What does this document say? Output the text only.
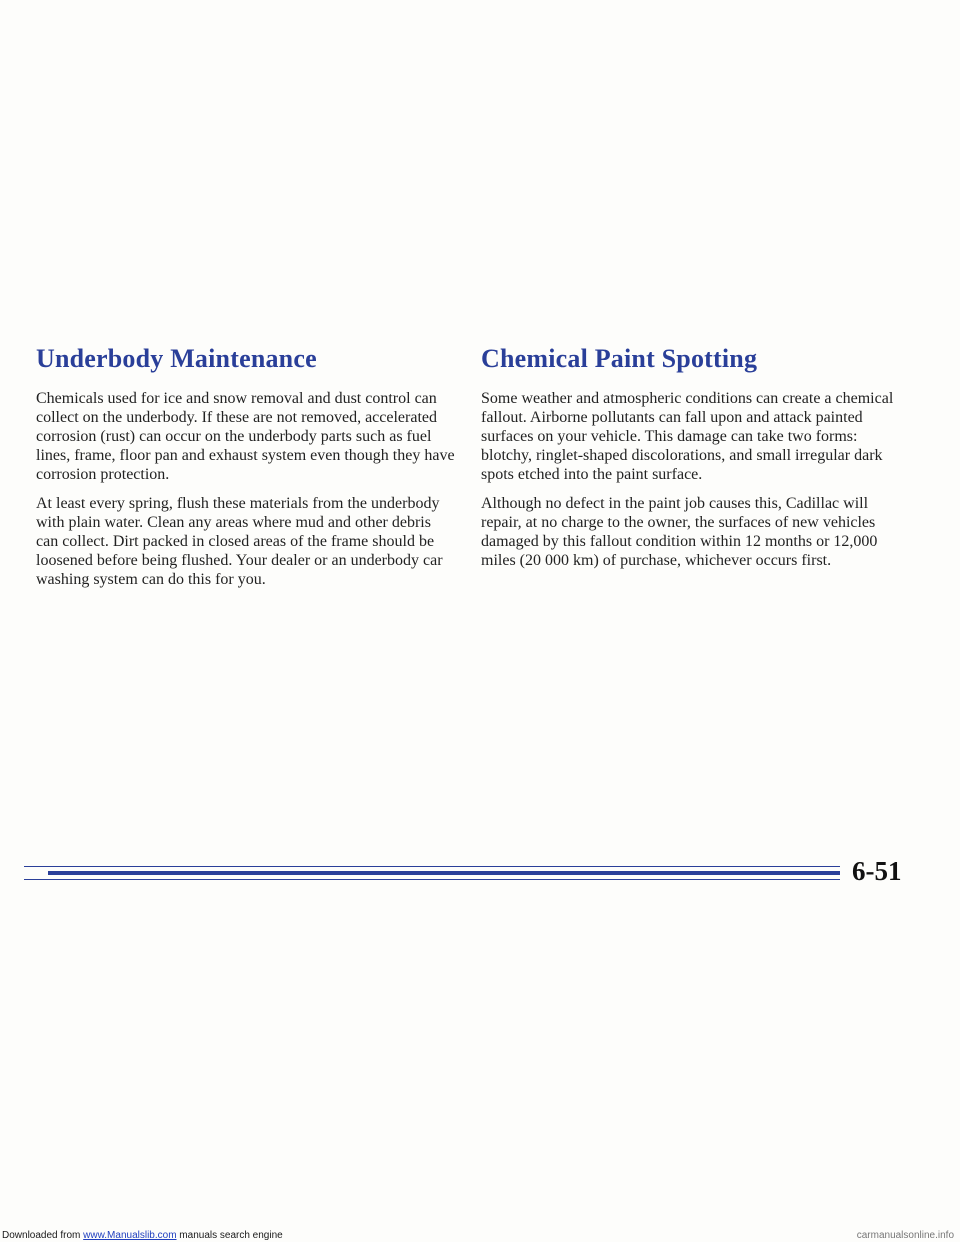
Underbody Maintenance

Chemicals used for ice and snow removal and dust control can collect on the underbody. If these are not removed, accelerated corrosion (rust) can occur on the underbody parts such as fuel lines, frame, floor pan and exhaust system even though they have corrosion protection.

At least every spring, flush these materials from the underbody with plain water. Clean any areas where mud and other debris can collect. Dirt packed in closed areas of the frame should be loosened before being flushed. Your dealer or an underbody car washing system can do this for you.

Chemical Paint Spotting

Some weather and atmospheric conditions can create a chemical fallout. Airborne pollutants can fall upon and attack painted surfaces on your vehicle. This damage can take two forms: blotchy, ringlet-shaped discolorations, and small irregular dark spots etched into the paint surface.

Although no defect in the paint job causes this, Cadillac will repair, at no charge to the owner, the surfaces of new vehicles damaged by this fallout condition within 12 months or 12,000 miles (20 000 km) of purchase, whichever occurs first.

6-51
Downloaded from www.Manualslib.com manuals search engine	carmanualsonline.info
